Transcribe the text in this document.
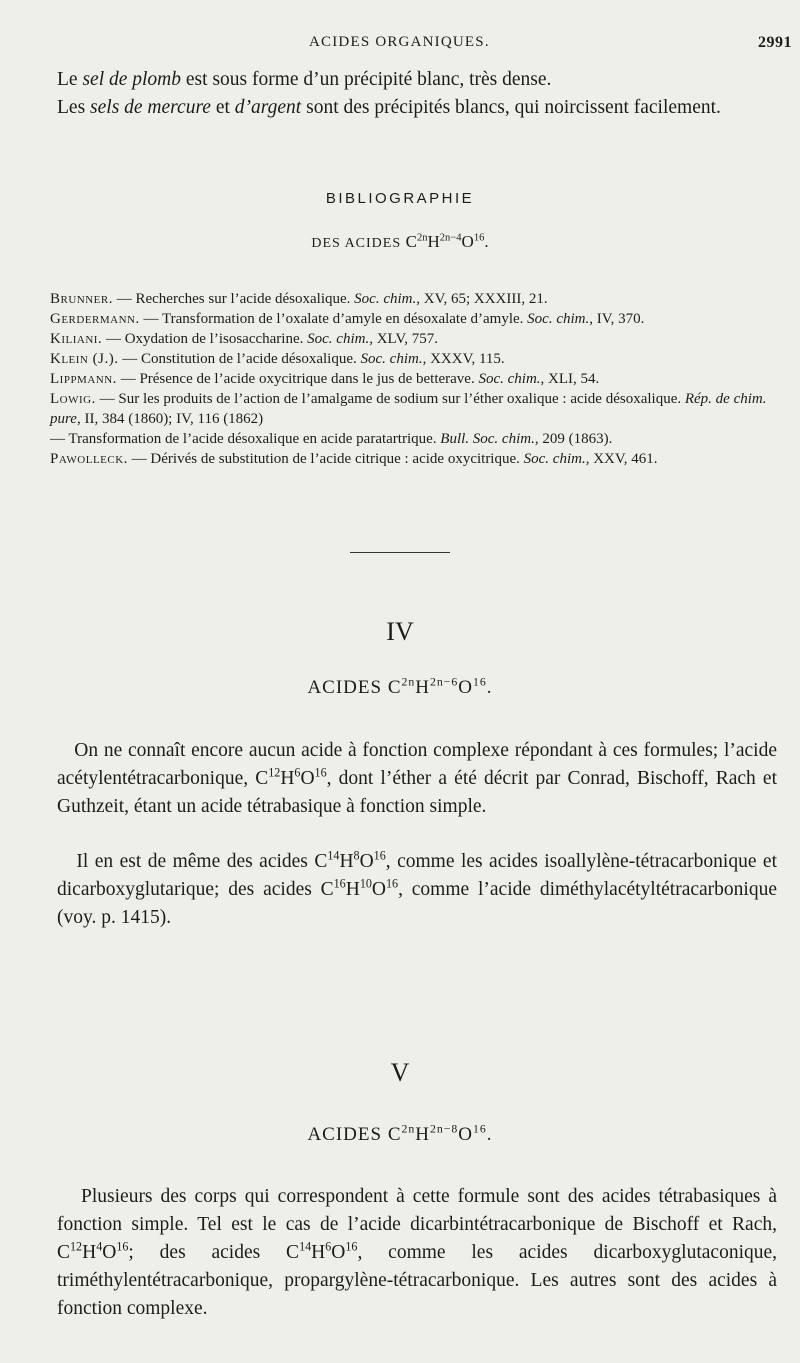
ACIDES ORGANIQUES.	2991
Le sel de plomb est sous forme d’un précipité blanc, très dense.
Les sels de mercure et d’argent sont des précipités blancs, qui noircissent facilement.
BIBLIOGRAPHIE
DES ACIDES $C^{2n}H^{2n-4}O^{16}$.
Brunner. — Recherches sur l’acide désoxalique. Soc. chim., XV, 65; XXXIII, 21.
Gerdermann. — Transformation de l’oxalate d’amyle en désoxalate d’amyle. Soc. chim., IV, 370.
Kiliani. — Oxydation de l’isosaccharine. Soc. chim., XLV, 757.
Klein (J.). — Constitution de l’acide désoxalique. Soc. chim., XXXV, 115.
Lippmann. — Présence de l’acide oxycitrique dans le jus de betterave. Soc. chim., XLI, 54.
Lowig. — Sur les produits de l’action de l’amalgame de sodium sur l’éther oxalique : acide désoxalique. Rép. de chim. pure, II, 384 (1860); IV, 116 (1862)
— Transformation de l’acide désoxalique en acide paratartrique. Bull. Soc. chim., 209 (1863).
Pawolleck. — Dérivés de substitution de l’acide citrique : acide oxycitrique. Soc. chim., XXV, 461.
IV
ACIDES $C^{2n}H^{2n-6}O^{16}$.
On ne connaît encore aucun acide à fonction complexe répondant à ces formules; l’acide acétylentétracarbonique, $C^{12}H^6O^{16}$, dont l’éther a été décrit par Conrad, Bischoff, Rach et Guthzeit, étant un acide tétrabasique à fonction simple.
Il en est de même des acides $C^{14}H^8O^{16}$, comme les acides isoallylène-tétracarbonique et dicarboxyglutarique; des acides $C^{16}H^{10}O^{16}$, comme l’acide diméthylacétyltétracarbonique (voy. p. 1415).
V
ACIDES $C^{2n}H^{2n-8}O^{16}$.
Plusieurs des corps qui correspondent à cette formule sont des acides tétrabasiques à fonction simple. Tel est le cas de l’acide dicarbintétracarbonique de Bischoff et Rach, $C^{12}H^4O^{16}$; des acides $C^{14}H^6O^{16}$, comme les acides dicarboxyglutaconique, triméthylentétracarbonique, propargylène-tétracarbonique. Les autres sont des acides à fonction complexe.
